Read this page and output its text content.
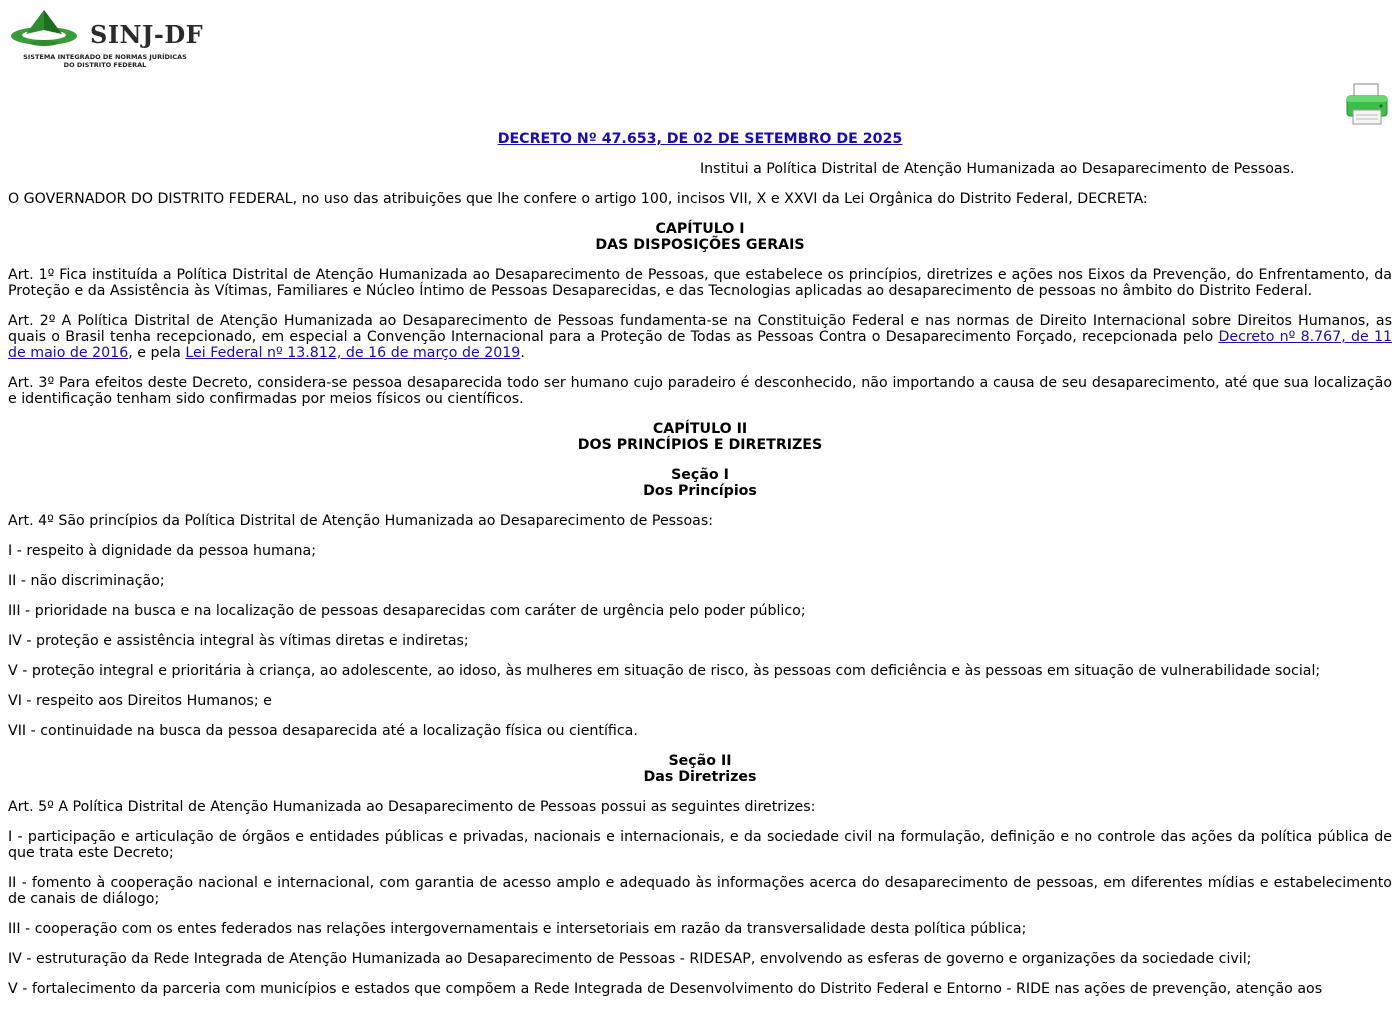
SINJ-DF
SISTEMA INTEGRADO DE NORMAS JURÍDICAS
DO DISTRITO FEDERAL

DECRETO Nº 47.653, DE 02 DE SETEMBRO DE 2025

Institui a Política Distrital de Atenção Humanizada ao Desaparecimento de Pessoas.

O GOVERNADOR DO DISTRITO FEDERAL, no uso das atribuições que lhe confere o artigo 100, incisos VII, X e XXVI da Lei Orgânica do Distrito Federal, DECRETA:

CAPÍTULO I
DAS DISPOSIÇÕES GERAIS

Art. 1º Fica instituída a Política Distrital de Atenção Humanizada ao Desaparecimento de Pessoas, que estabelece os princípios, diretrizes e ações nos Eixos da Prevenção, do Enfrentamento, da Proteção e da Assistência às Vítimas, Familiares e Núcleo Íntimo de Pessoas Desaparecidas, e das Tecnologias aplicadas ao desaparecimento de pessoas no âmbito do Distrito Federal.

Art. 2º A Política Distrital de Atenção Humanizada ao Desaparecimento de Pessoas fundamenta-se na Constituição Federal e nas normas de Direito Internacional sobre Direitos Humanos, as quais o Brasil tenha recepcionado, em especial a Convenção Internacional para a Proteção de Todas as Pessoas Contra o Desaparecimento Forçado, recepcionada pelo Decreto nº 8.767, de 11 de maio de 2016, e pela Lei Federal nº 13.812, de 16 de março de 2019.

Art. 3º Para efeitos deste Decreto, considera-se pessoa desaparecida todo ser humano cujo paradeiro é desconhecido, não importando a causa de seu desaparecimento, até que sua localização e identificação tenham sido confirmadas por meios físicos ou científicos.

CAPÍTULO II
DOS PRINCÍPIOS E DIRETRIZES

Seção I
Dos Princípios

Art. 4º São princípios da Política Distrital de Atenção Humanizada ao Desaparecimento de Pessoas:

I - respeito à dignidade da pessoa humana;

II - não discriminação;

III - prioridade na busca e na localização de pessoas desaparecidas com caráter de urgência pelo poder público;

IV - proteção e assistência integral às vítimas diretas e indiretas;

V - proteção integral e prioritária à criança, ao adolescente, ao idoso, às mulheres em situação de risco, às pessoas com deficiência e às pessoas em situação de vulnerabilidade social;

VI - respeito aos Direitos Humanos; e

VII - continuidade na busca da pessoa desaparecida até a localização física ou científica.

Seção II
Das Diretrizes

Art. 5º A Política Distrital de Atenção Humanizada ao Desaparecimento de Pessoas possui as seguintes diretrizes:

I - participação e articulação de órgãos e entidades públicas e privadas, nacionais e internacionais, e da sociedade civil na formulação, definição e no controle das ações da política pública de que trata este Decreto;

II - fomento à cooperação nacional e internacional, com garantia de acesso amplo e adequado às informações acerca do desaparecimento de pessoas, em diferentes mídias e estabelecimento de canais de diálogo;

III - cooperação com os entes federados nas relações intergovernamentais e intersetoriais em razão da transversalidade desta política pública;

IV - estruturação da Rede Integrada de Atenção Humanizada ao Desaparecimento de Pessoas - RIDESAP, envolvendo as esferas de governo e organizações da sociedade civil;

V - fortalecimento da parceria com municípios e estados que compõem a Rede Integrada de Desenvolvimento do Distrito Federal e Entorno - RIDE nas ações de prevenção, atenção aos
